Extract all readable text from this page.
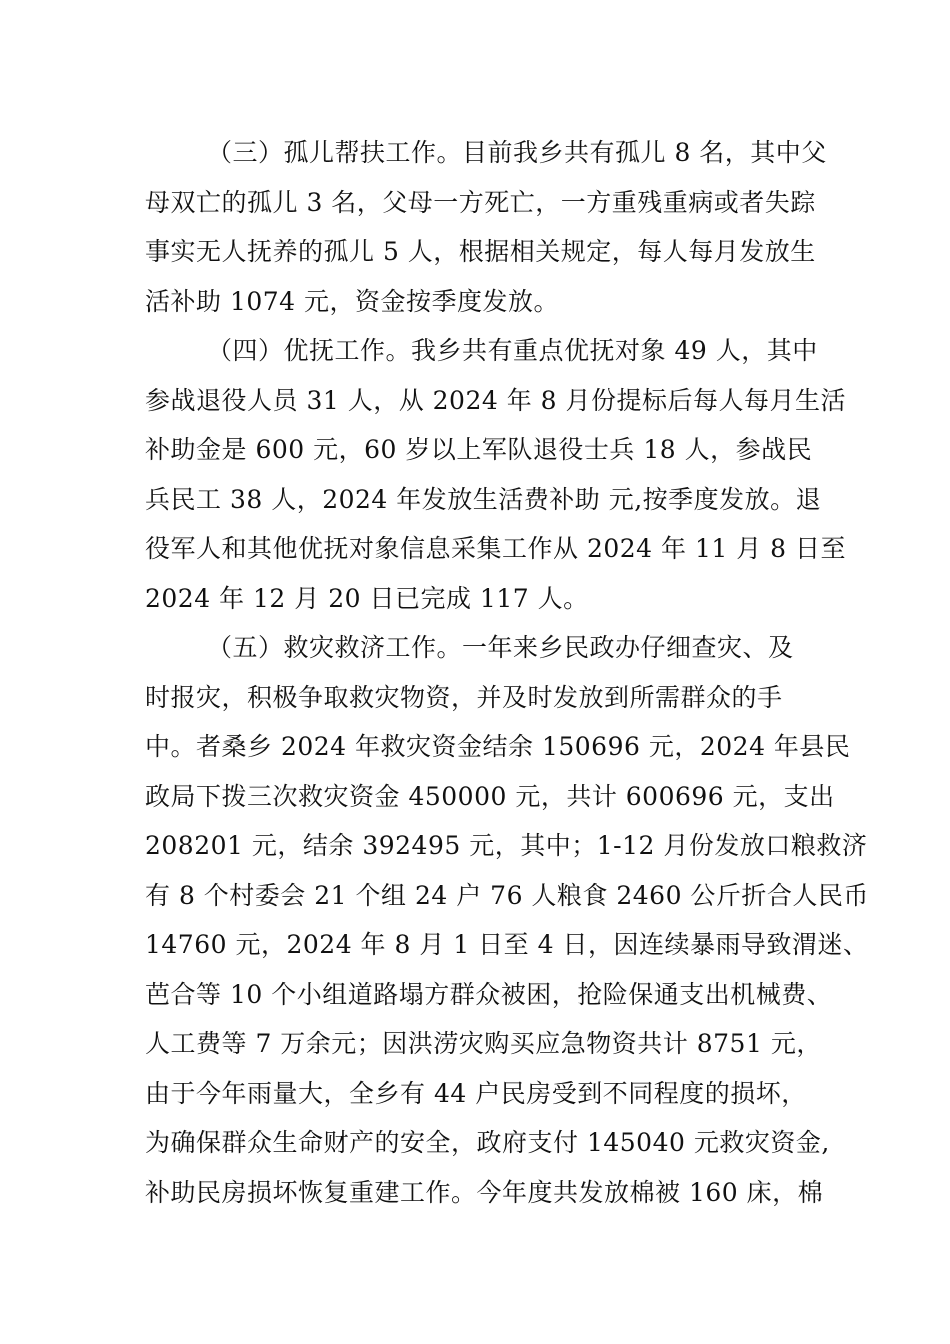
（三）孤儿帮扶工作。目前我乡共有孤儿 8 名，其中父
母双亡的孤儿 3 名，父母一方死亡，一方重残重病或者失踪
事实无人抚养的孤儿 5 人，根据相关规定，每人每月发放生
活补助 1074 元，资金按季度发放。
（四）优抚工作。我乡共有重点优抚对象 49 人，其中
参战退役人员 31 人，从 2024 年 8 月份提标后每人每月生活
补助金是 600 元，60 岁以上军队退役士兵 18 人，参战民
兵民工 38 人，2024 年发放生活费补助 元,按季度发放。退
役军人和其他优抚对象信息采集工作从 2024 年 11 月 8 日至
2024 年 12 月 20 日已完成 117 人。
（五）救灾救济工作。一年来乡民政办仔细查灾、及
时报灾，积极争取救灾物资，并及时发放到所需群众的手
中。者桑乡 2024 年救灾资金结余 150696 元，2024 年县民
政局下拨三次救灾资金 450000 元，共计 600696 元，支出
208201 元，结余 392495 元，其中；1-12 月份发放口粮救济
有 8 个村委会 21 个组 24 户 76 人粮食 2460 公斤折合人民币
14760 元，2024 年 8 月 1 日至 4 日，因连续暴雨导致渭迷、
芭合等 10 个小组道路塌方群众被困，抢险保通支出机械费、
人工费等 7 万余元；因洪涝灾购买应急物资共计 8751 元，
由于今年雨量大，全乡有 44 户民房受到不同程度的损坏，
为确保群众生命财产的安全，政府支付 145040 元救灾资金,
补助民房损坏恢复重建工作。今年度共发放棉被 160 床，棉
